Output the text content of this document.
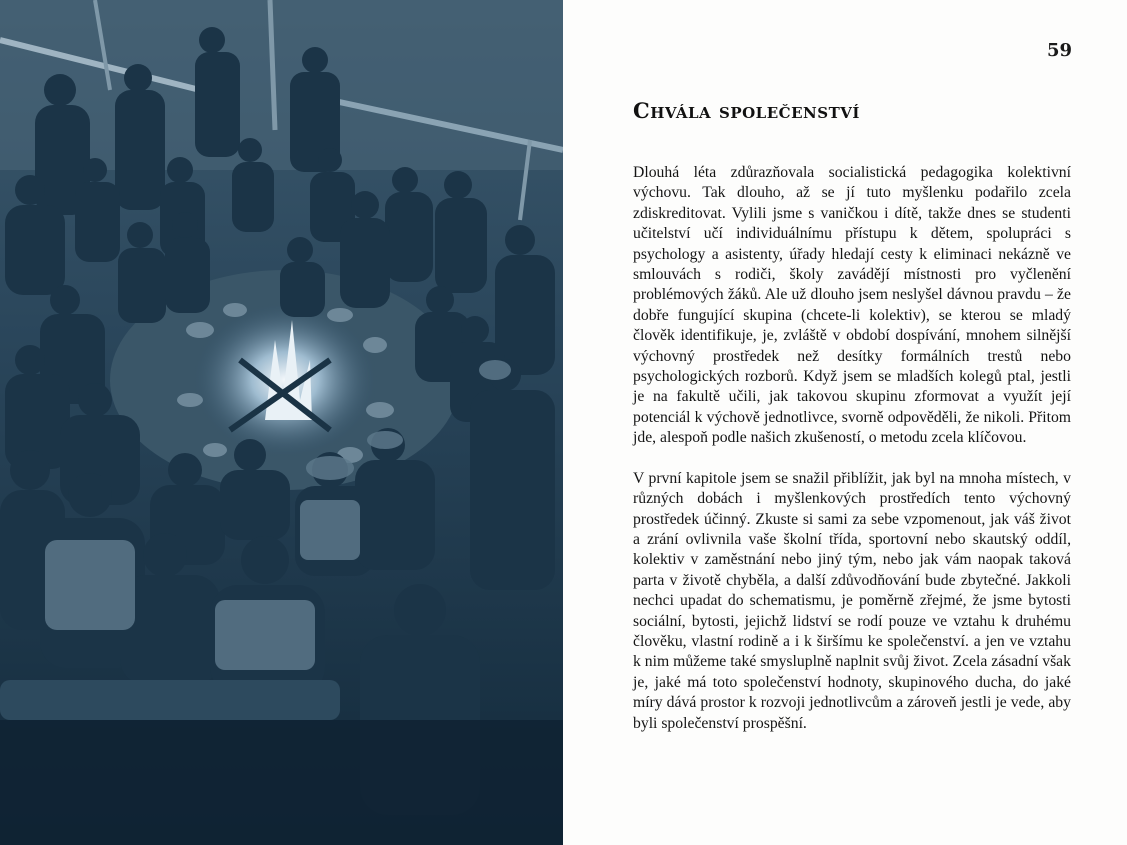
59
Chvála společenství

Dlouhá léta zdůrazňovala socialistická pedagogika kolektivní výchovu. Tak dlouho, až se jí tuto myšlenku podařilo zcela zdiskreditovat. Vylili jsme s vaničkou i dítě, takže dnes se studenti učitelství učí individuálnímu přístupu k dětem, spolupráci s psychology a asistenty, úřady hledají cesty k eliminaci nekázně ve smlouvách s rodiči, školy zavádějí místnosti pro vyčlenění problémových žáků. Ale už dlouho jsem neslyšel dávnou pravdu – že dobře fungující skupina (chcete-li kolektiv), se kterou se mladý člověk identifikuje, je, zvláště v období dospívání, mnohem silnější výchovný prostředek než desítky formálních trestů nebo psychologických rozborů. Když jsem se mladších kolegů ptal, jestli je na fakultě učili, jak takovou skupinu zformovat a využít její potenciál k výchově jednotlivce, svorně odpověděli, že nikoli. Přitom jde, alespoň podle našich zkušeností, o metodu zcela klíčovou.

V první kapitole jsem se snažil přiblížit, jak byl na mnoha místech, v různých dobách i myšlenkových prostředích tento výchovný prostředek účinný. Zkuste si sami za sebe vzpomenout, jak váš život a zrání ovlivnila vaše školní třída, sportovní nebo skautský oddíl, kolektiv v zaměstnání nebo jiný tým, nebo jak vám naopak taková parta v životě chyběla, a další zdůvodňování bude zbytečné. Jakkoli nechci upadat do schematismu, je poměrně zřejmé, že jsme bytosti sociální, bytosti, jejichž lidství se rodí pouze ve vztahu k druhému člověku, vlastní rodině a i k širšímu ke společenství. a jen ve vztahu k nim můžeme také smysluplně naplnit svůj život. Zcela zásadní však je, jaké má toto společenství hodnoty, skupinového ducha, do jaké míry dává prostor k rozvoji jednotlivcům a zároveň jestli je vede, aby byli společenství prospěšní.
